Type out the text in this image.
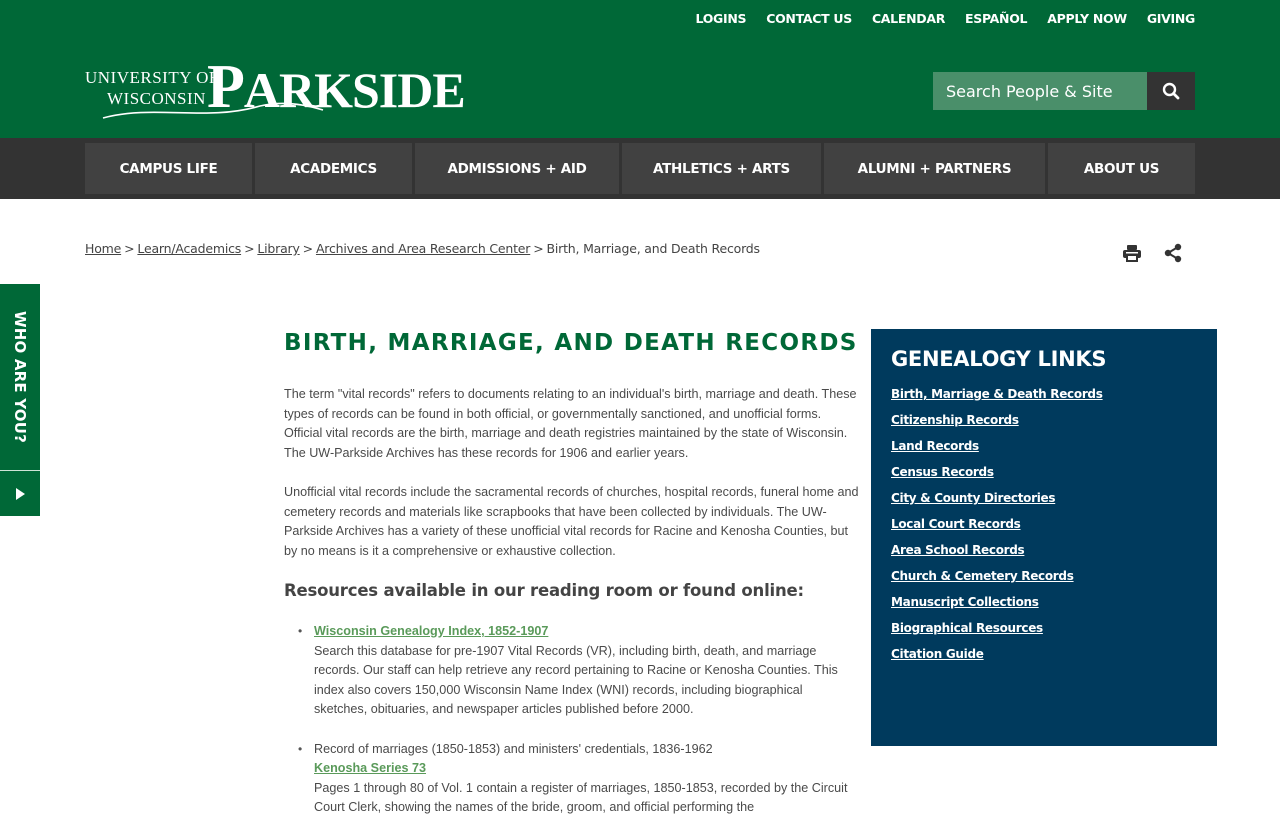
LOGINS CONTACT US CALENDAR ESPAÑOL APPLY NOW GIVING
UNIVERSITY OF
WISCONSIN PARKSIDE
Search People & Site
CAMPUS LIFE	ACADEMICS	ADMISSIONS + AID	ATHLETICS + ARTS	ALUMNI + PARTNERS	ABOUT US
Home > Learn/Academics > Library > Archives and Area Research Center > Birth, Marriage, and Death Records
WHO ARE YOU?	BIRTH, MARRIAGE, AND DEATH RECORDS

The term "vital records" refers to documents relating to an individual's birth, marriage and death. These types of records can be found in both official, or governmentally sanctioned, and unofficial forms. Official vital records are the birth, marriage and death registries maintained by the state of Wisconsin. The UW-Parkside Archives has these records for 1906 and earlier years.

Unofficial vital records include the sacramental records of churches, hospital records, funeral home and cemetery records and materials like scrapbooks that have been collected by individuals. The UW-Parkside Archives has a variety of these unofficial vital records for Racine and Kenosha Counties, but by no means is it a comprehensive or exhaustive collection.

Resources available in our reading room or found online:
• Wisconsin Genealogy Index, 1852-1907
Search this database for pre-1907 Vital Records (VR), including birth, death, and marriage records. Our staff can help retrieve any record pertaining to Racine or Kenosha Counties. This index also covers 150,000 Wisconsin Name Index (WNI) records, including biographical sketches, obituaries, and newspaper articles published before 2000.
• Record of marriages (1850-1853) and ministers' credentials, 1836-1962
Kenosha Series 73
Pages 1 through 80 of Vol. 1 contain a register of marriages, 1850-1853, recorded by the Circuit Court Clerk, showing the names of the bride, groom, and official performing the
GENEALOGY LINKS
Birth, Marriage & Death Records
Citizenship Records
Land Records
Census Records
City & County Directories
Local Court Records
Area School Records
Church & Cemetery Records
Manuscript Collections
Biographical Resources
Citation Guide
